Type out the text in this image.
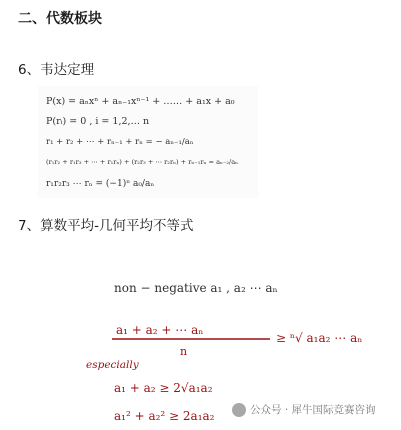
二、代数板块
6、韦达定理
P(x) = aₙxⁿ + aₙ₋₁xⁿ⁻¹ + …… + a₁x + a₀
P(rᵢ) = 0 , i = 1,2,… n
r₁ + r₂ + ⋯ + rₙ₋₁ + rₙ = − aₙ₋₁/aₙ
(r₁r₂ + r₁r₃ + ⋯ + r₁rₙ) + (r₂r₃ + ⋯ r₂rₙ) + rₙ₋₁rₙ = aₙ₋₂/aₙ
r₁r₂r₃ ⋯ rₙ = (−1)ⁿ a₀/aₙ
7、算数平均-几何平均不等式
non − negative a₁ , a₂ ⋯ aₙ
a₁ + a₂ + ⋯ aₙ
n
≥ ⁿ√ a₁a₂ ⋯ aₙ
especially
a₁ + a₂ ≥ 2√a₁a₂
a₁² + a₂² ≥ 2a₁a₂	公众号 · 犀牛国际竞赛咨询
